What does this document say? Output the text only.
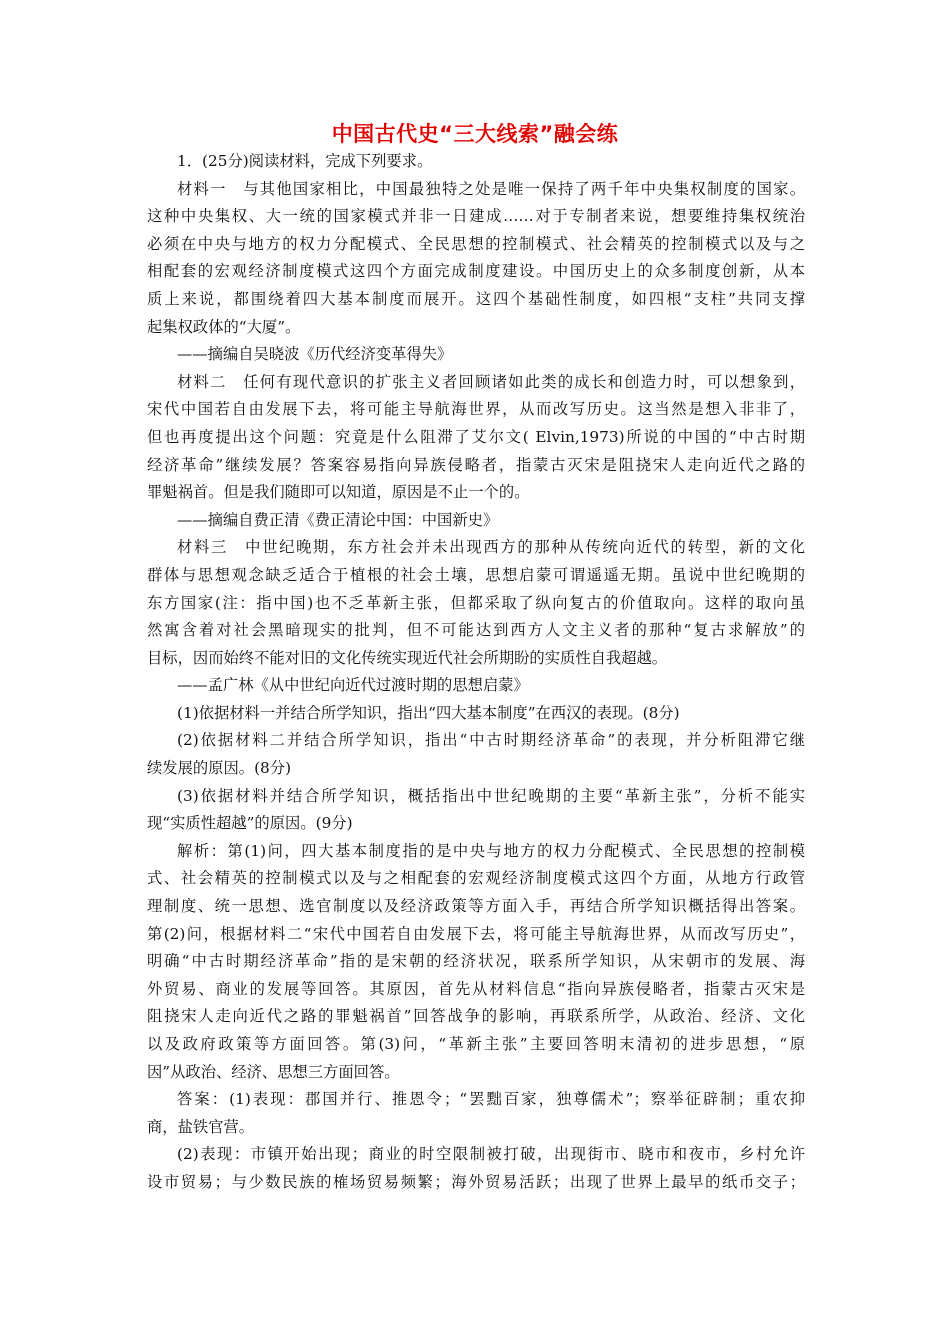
中国古代史“三大线索”融会练
1．(25分)阅读材料，完成下列要求。
材料一　与其他国家相比，中国最独特之处是唯一保持了两千年中央集权制度的国家。
这种中央集权、大一统的国家模式并非一日建成……对于专制者来说，想要维持集权统治
必须在中央与地方的权力分配模式、全民思想的控制模式、社会精英的控制模式以及与之
相配套的宏观经济制度模式这四个方面完成制度建设。中国历史上的众多制度创新，从本
质上来说，都围绕着四大基本制度而展开。这四个基础性制度，如四根“支柱”共同支撑
起集权政体的“大厦”。
——摘编自吴晓波《历代经济变革得失》
材料二　任何有现代意识的扩张主义者回顾诸如此类的成长和创造力时，可以想象到，
宋代中国若自由发展下去，将可能主导航海世界，从而改写历史。这当然是想入非非了，
但也再度提出这个问题：究竟是什么阻滞了艾尔文( Elvin,1973)所说的中国的“中古时期
经济革命”继续发展？答案容易指向异族侵略者，指蒙古灭宋是阻挠宋人走向近代之路的
罪魁祸首。但是我们随即可以知道，原因是不止一个的。
——摘编自费正清《费正清论中国：中国新史》
材料三　中世纪晚期，东方社会并未出现西方的那种从传统向近代的转型，新的文化
群体与思想观念缺乏适合于植根的社会土壤，思想启蒙可谓遥遥无期。虽说中世纪晚期的
东方国家(注：指中国)也不乏革新主张，但都采取了纵向复古的价值取向。这样的取向虽
然寓含着对社会黑暗现实的批判，但不可能达到西方人文主义者的那种“复古求解放”的
目标，因而始终不能对旧的文化传统实现近代社会所期盼的实质性自我超越。
——孟广林《从中世纪向近代过渡时期的思想启蒙》
(1)依据材料一并结合所学知识，指出“四大基本制度”在西汉的表现。(8分)
(2)依据材料二并结合所学知识，指出“中古时期经济革命”的表现，并分析阻滞它继
续发展的原因。(8分)
(3)依据材料并结合所学知识，概括指出中世纪晚期的主要“革新主张”，分析不能实
现“实质性超越”的原因。(9分)
解析：第(1)问，四大基本制度指的是中央与地方的权力分配模式、全民思想的控制模
式、社会精英的控制模式以及与之相配套的宏观经济制度模式这四个方面，从地方行政管
理制度、统一思想、选官制度以及经济政策等方面入手，再结合所学知识概括得出答案。
第(2)问，根据材料二“宋代中国若自由发展下去，将可能主导航海世界，从而改写历史”，
明确“中古时期经济革命”指的是宋朝的经济状况，联系所学知识，从宋朝市的发展、海
外贸易、商业的发展等回答。其原因，首先从材料信息“指向异族侵略者，指蒙古灭宋是
阻挠宋人走向近代之路的罪魁祸首”回答战争的影响，再联系所学，从政治、经济、文化
以及政府政策等方面回答。第(3)问，“革新主张”主要回答明末清初的进步思想，“原
因”从政治、经济、思想三方面回答。
答案：(1)表现：郡国并行、推恩令；“罢黜百家，独尊儒术”；察举征辟制；重农抑
商，盐铁官营。
(2)表现：市镇开始出现；商业的时空限制被打破，出现街市、晓市和夜市，乡村允许
设市贸易；与少数民族的榷场贸易频繁；海外贸易活跃；出现了世界上最早的纸币交子；
